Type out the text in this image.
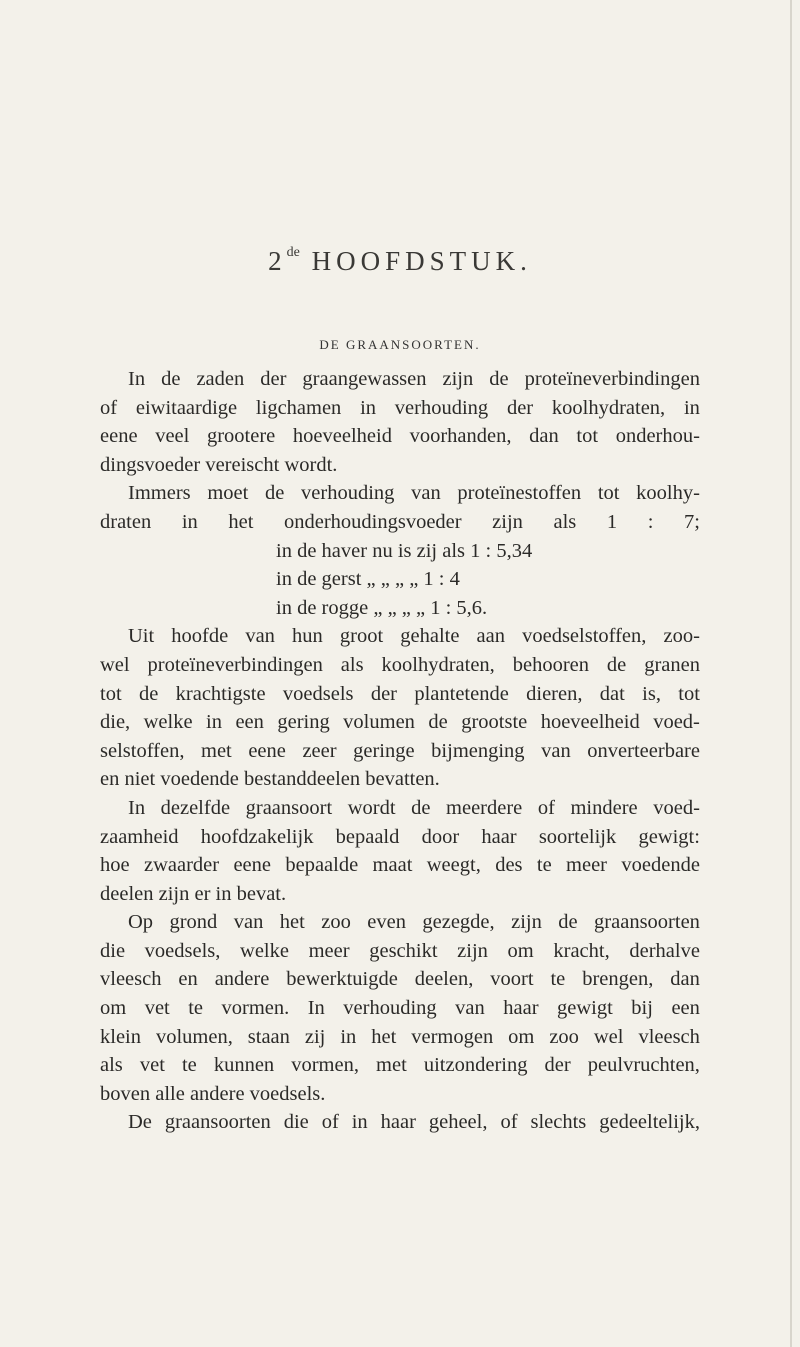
2de HOOFDSTUK.
DE GRAANSOORTEN.
In de zaden der graangewassen zijn de proteïneverbindingen
of eiwitaardige ligchamen in verhouding der koolhydraten, in
eene veel grootere hoeveelheid voorhanden, dan tot onderhou-
dingsvoeder vereischt wordt.
Immers moet de verhouding van proteïnestoffen tot koolhy-
draten in het onderhoudingsvoeder zijn als 1 : 7;
in de haver nu is zij als 1 : 5,34
in de gerst „ „ „ „ 1 : 4
in de rogge „ „ „ „ 1 : 5,6.
Uit hoofde van hun groot gehalte aan voedselstoffen, zoo-
wel proteïneverbindingen als koolhydraten, behooren de granen
tot de krachtigste voedsels der plantetende dieren, dat is, tot
die, welke in een gering volumen de grootste hoeveelheid voed-
selstoffen, met eene zeer geringe bijmenging van onverteerbare
en niet voedende bestanddeelen bevatten.
In dezelfde graansoort wordt de meerdere of mindere voed-
zaamheid hoofdzakelijk bepaald door haar soortelijk gewigt:
hoe zwaarder eene bepaalde maat weegt, des te meer voedende
deelen zijn er in bevat.
Op grond van het zoo even gezegde, zijn de graansoorten
die voedsels, welke meer geschikt zijn om kracht, derhalve
vleesch en andere bewerktuigde deelen, voort te brengen, dan
om vet te vormen. In verhouding van haar gewigt bij een
klein volumen, staan zij in het vermogen om zoo wel vleesch
als vet te kunnen vormen, met uitzondering der peulvruchten,
boven alle andere voedsels.
De graansoorten die of in haar geheel, of slechts gedeeltelijk,
